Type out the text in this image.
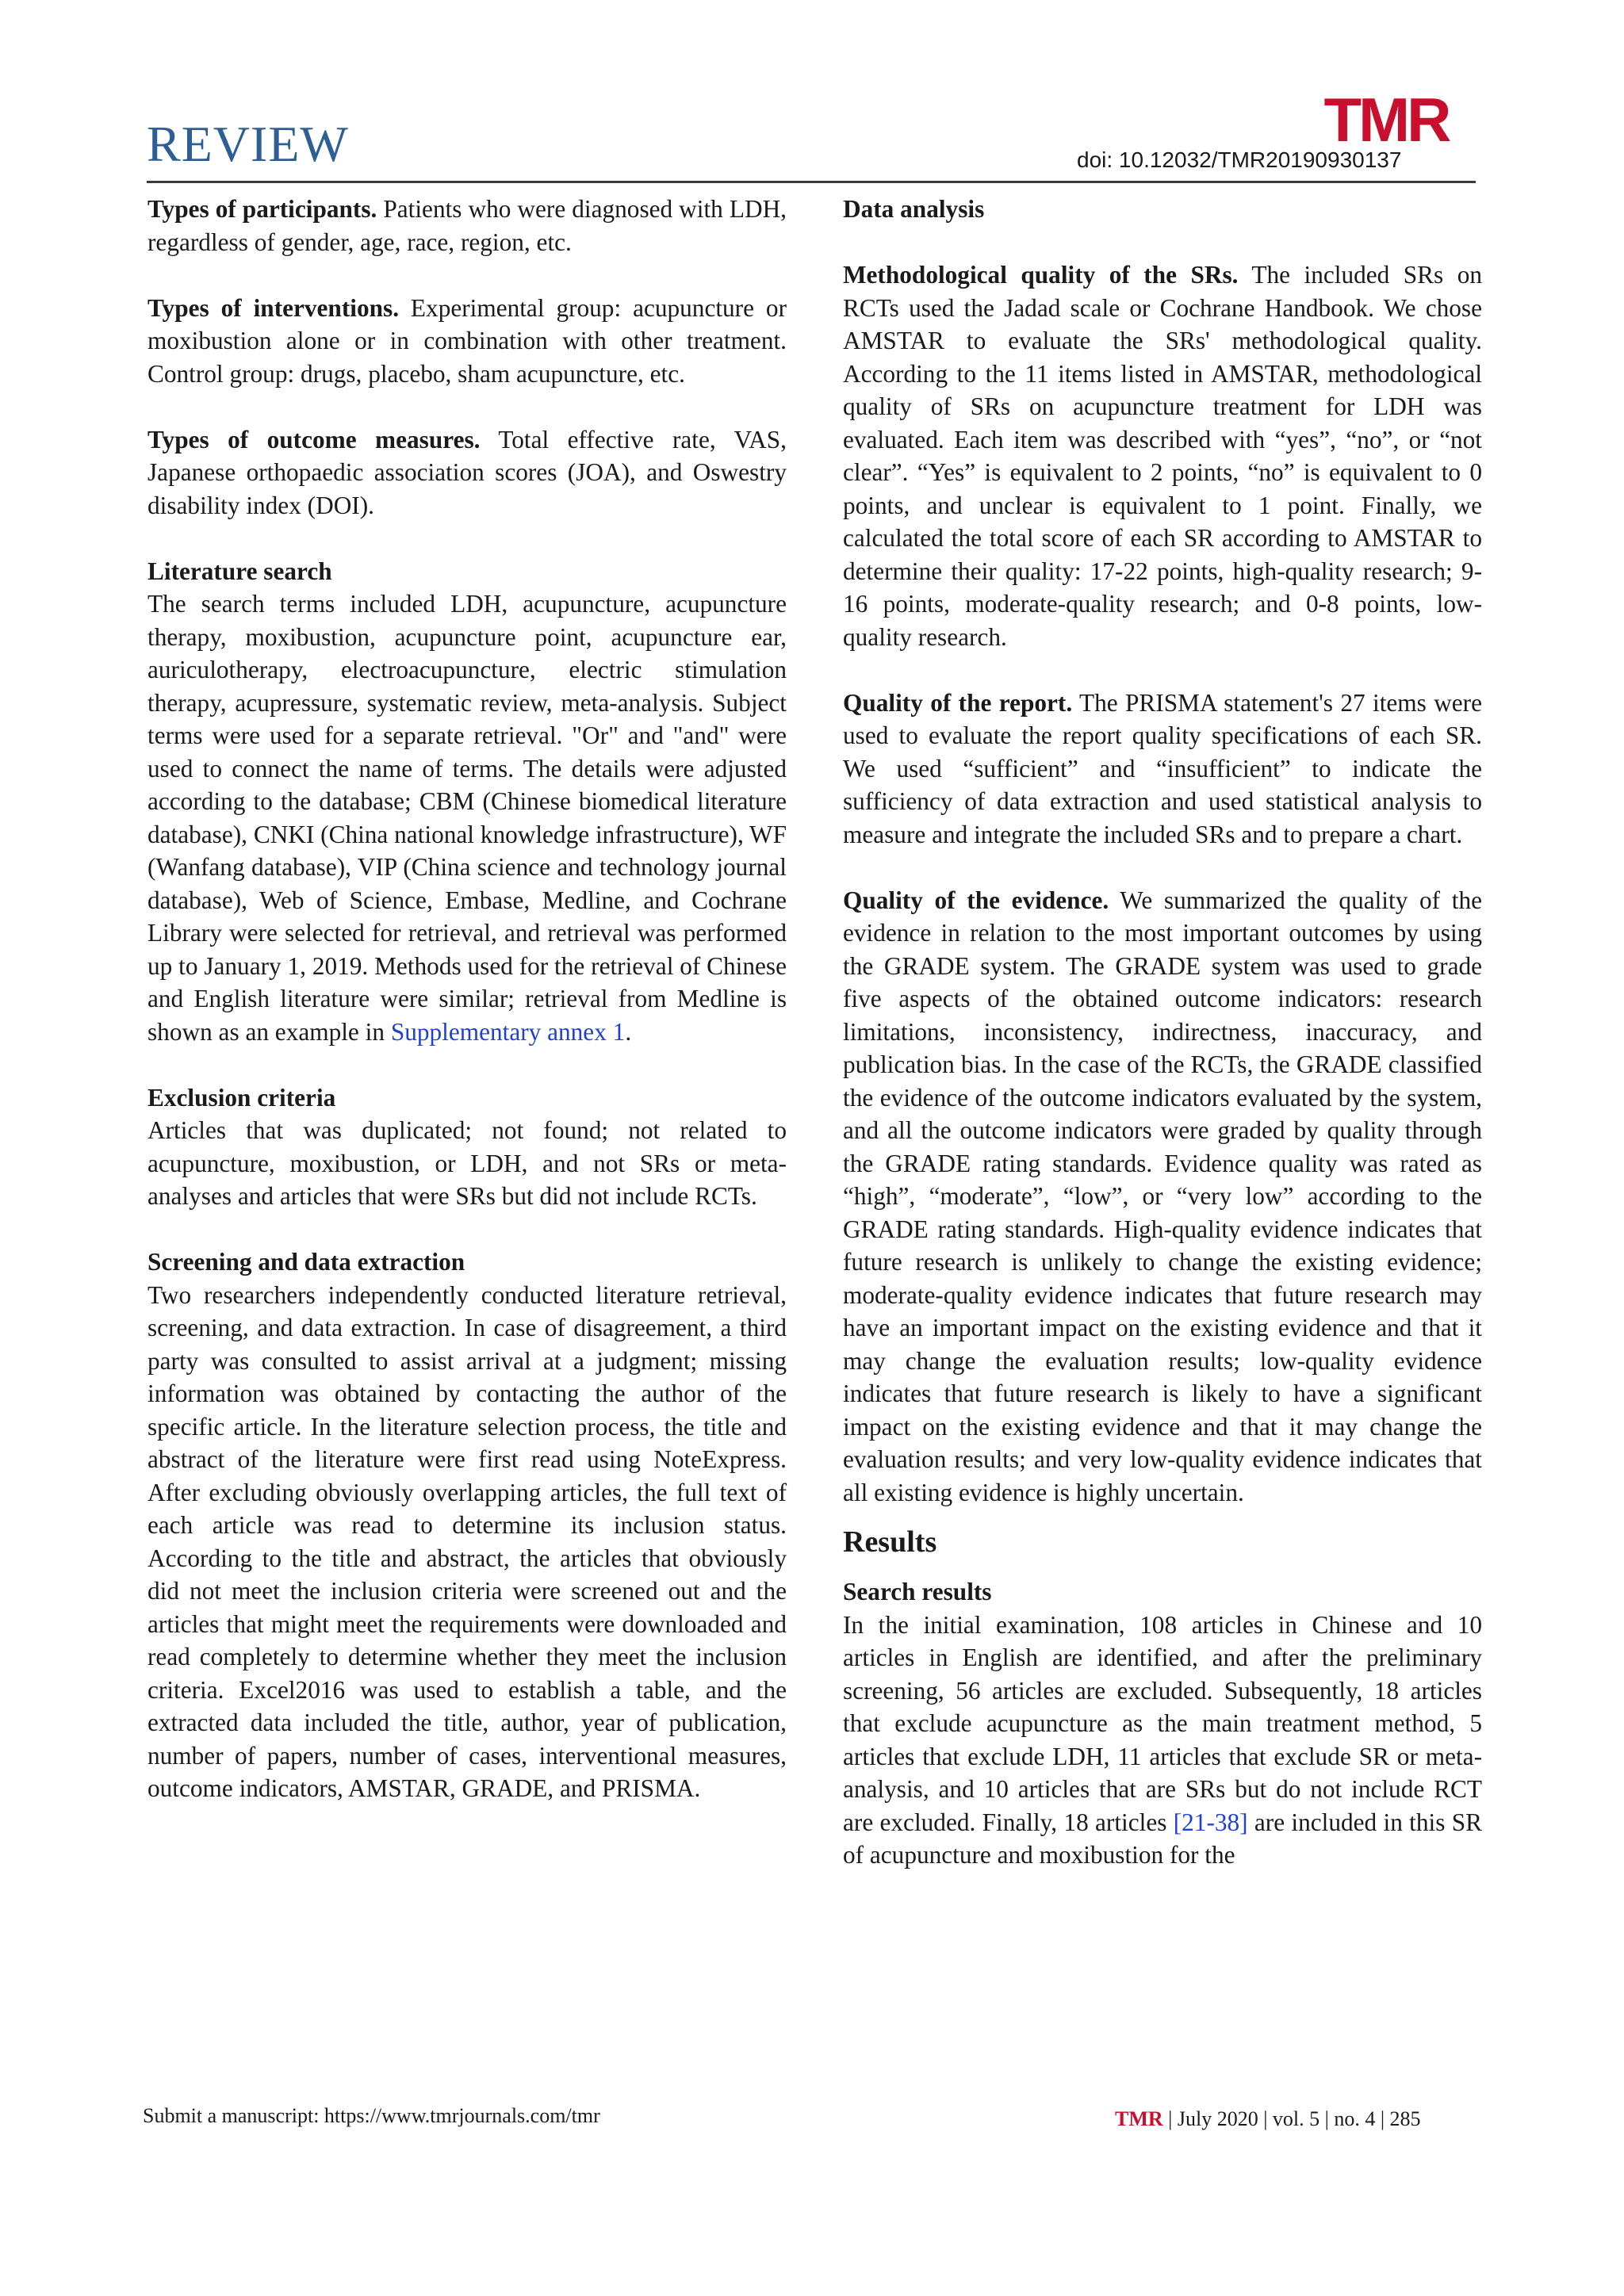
REVIEW	TMR
doi: 10.12032/TMR20190930137

Types of participants. Patients who were diagnosed with LDH, regardless of gender, age, race, region, etc.

Types of interventions. Experimental group: acupuncture or moxibustion alone or in combination with other treatment. Control group: drugs, placebo, sham acupuncture, etc.

Types of outcome measures. Total effective rate, VAS, Japanese orthopaedic association scores (JOA), and Oswestry disability index (DOI).

Literature search

The search terms included LDH, acupuncture, acupuncture therapy, moxibustion, acupuncture point, acupuncture ear, auriculotherapy, electroacupuncture, electric stimulation therapy, acupressure, systematic review, meta-analysis. Subject terms were used for a separate retrieval. "Or" and "and" were used to connect the name of terms. The details were adjusted according to the database; CBM (Chinese biomedical literature database), CNKI (China national knowledge infrastructure), WF (Wanfang database), VIP (China science and technology journal database), Web of Science, Embase, Medline, and Cochrane Library were selected for retrieval, and retrieval was performed up to January 1, 2019. Methods used for the retrieval of Chinese and English literature were similar; retrieval from Medline is shown as an example in Supplementary annex 1.

Exclusion criteria

Articles that was duplicated; not found; not related to acupuncture, moxibustion, or LDH, and not SRs or meta-analyses and articles that were SRs but did not include RCTs.

Screening and data extraction

Two researchers independently conducted literature retrieval, screening, and data extraction. In case of disagreement, a third party was consulted to assist arrival at a judgment; missing information was obtained by contacting the author of the specific article. In the literature selection process, the title and abstract of the literature were first read using NoteExpress. After excluding obviously overlapping articles, the full text of each article was read to determine its inclusion status. According to the title and abstract, the articles that obviously did not meet the inclusion criteria were screened out and the articles that might meet the requirements were downloaded and read completely to determine whether they meet the inclusion criteria. Excel2016 was used to establish a table, and the extracted data included the title, author, year of publication, number of papers, number of cases, interventional measures, outcome indicators, AMSTAR, GRADE, and PRISMA.

Data analysis

Methodological quality of the SRs. The included SRs on RCTs used the Jadad scale or Cochrane Handbook. We chose AMSTAR to evaluate the SRs' methodological quality. According to the 11 items listed in AMSTAR, methodological quality of SRs on acupuncture treatment for LDH was evaluated. Each item was described with “yes”, “no”, or “not clear”. “Yes” is equivalent to 2 points, “no” is equivalent to 0 points, and unclear is equivalent to 1 point. Finally, we calculated the total score of each SR according to AMSTAR to determine their quality: 17-22 points, high-quality research; 9-16 points, moderate-quality research; and 0-8 points, low-quality research.

Quality of the report. The PRISMA statement's 27 items were used to evaluate the report quality specifications of each SR. We used “sufficient” and “insufficient” to indicate the sufficiency of data extraction and used statistical analysis to measure and integrate the included SRs and to prepare a chart.

Quality of the evidence. We summarized the quality of the evidence in relation to the most important outcomes by using the GRADE system. The GRADE system was used to grade five aspects of the obtained outcome indicators: research limitations, inconsistency, indirectness, inaccuracy, and publication bias. In the case of the RCTs, the GRADE classified the evidence of the outcome indicators evaluated by the system, and all the outcome indicators were graded by quality through the GRADE rating standards. Evidence quality was rated as “high”, “moderate”, “low”, or “very low” according to the GRADE rating standards. High-quality evidence indicates that future research is unlikely to change the existing evidence; moderate-quality evidence indicates that future research may have an important impact on the existing evidence and that it may change the evaluation results; low-quality evidence indicates that future research is likely to have a significant impact on the existing evidence and that it may change the evaluation results; and very low-quality evidence indicates that all existing evidence is highly uncertain.

Results

Search results

In the initial examination, 108 articles in Chinese and 10 articles in English are identified, and after the preliminary screening, 56 articles are excluded. Subsequently, 18 articles that exclude acupuncture as the main treatment method, 5 articles that exclude LDH, 11 articles that exclude SR or meta-analysis, and 10 articles that are SRs but do not include RCT are excluded. Finally, 18 articles [21-38] are included in this SR of acupuncture and moxibustion for the

Submit a manuscript: https://www.tmrjournals.com/tmr	TMR | July 2020 | vol. 5 | no. 4 | 285
